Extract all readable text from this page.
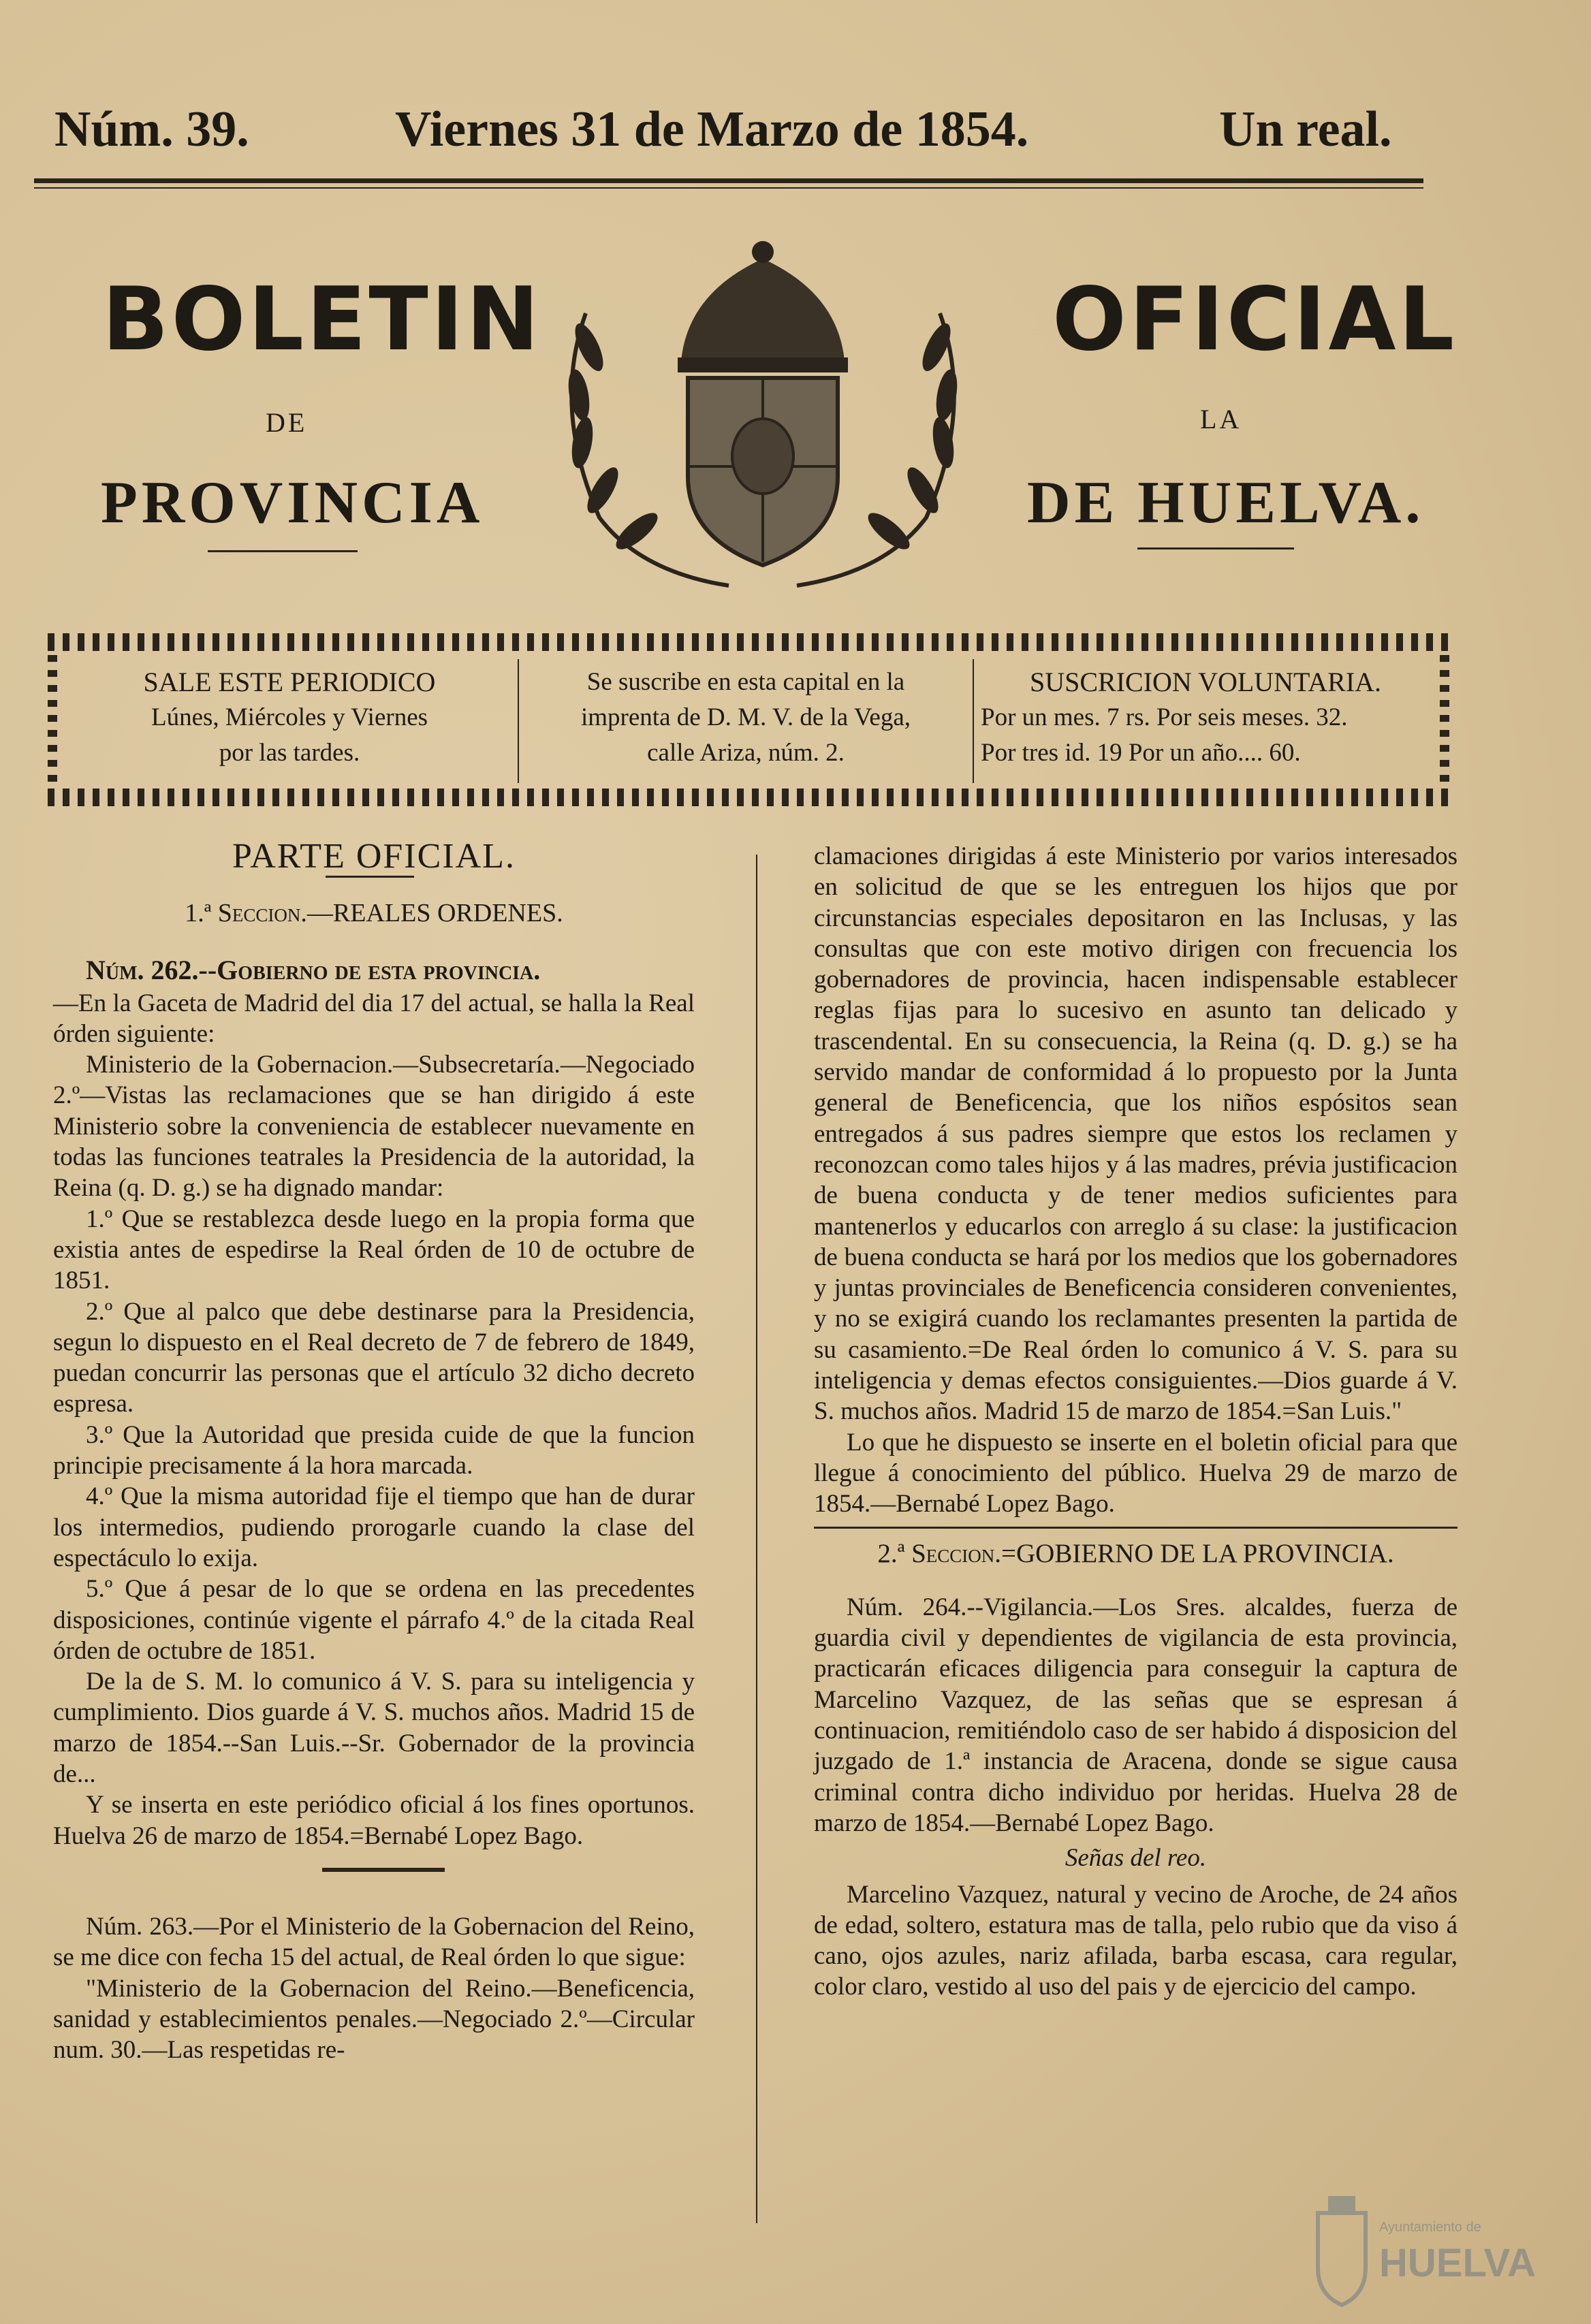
Núm. 39.	Viernes 31 de Marzo de 1854.	Un real.
BOLETIN	OFICIAL
DE	LA
PROVINCIA	DE HUELVA.
SALE ESTE PERIODICO
Lúnes, Miércoles y Viernes
por las tardes.
Se suscribe en esta capital en la
imprenta de D. M. V. de la Vega,
calle Ariza, núm. 2.
SUSCRICION VOLUNTARIA.
Por un mes. 7 rs. Por seis meses. 32.
Por tres id. 19 Por un año.... 60.

PARTE OFICIAL.

1.ª Seccion.—REALES ORDENES.

Núm. 262.--Gobierno de esta provincia.

—En la Gaceta de Madrid del dia 17 del actual, se halla la Real órden siguiente:

Ministerio de la Gobernacion.—Subsecretaría.—Negociado 2.º—Vistas las reclamaciones que se han dirigido á este Ministerio sobre la conveniencia de establecer nuevamente en todas las funciones teatrales la Presidencia de la autoridad, la Reina (q. D. g.) se ha dignado mandar:

1.º Que se restablezca desde luego en la propia forma que existia antes de espedirse la Real órden de 10 de octubre de 1851.

2.º Que al palco que debe destinarse para la Presidencia, segun lo dispuesto en el Real decreto de 7 de febrero de 1849, puedan concurrir las personas que el artículo 32 dicho decreto espresa.

3.º Que la Autoridad que presida cuide de que la funcion principie precisamente á la hora marcada.

4.º Que la misma autoridad fije el tiempo que han de durar los intermedios, pudiendo prorogarle cuando la clase del espectáculo lo exija.

5.º Que á pesar de lo que se ordena en las precedentes disposiciones, continúe vigente el párrafo 4.º de la citada Real órden de octubre de 1851.

De la de S. M. lo comunico á V. S. para su inteligencia y cumplimiento. Dios guarde á V. S. muchos años. Madrid 15 de marzo de 1854.--San Luis.--Sr. Gobernador de la provincia de...

Y se inserta en este periódico oficial á los fines oportunos. Huelva 26 de marzo de 1854.=Bernabé Lopez Bago.

Núm. 263.—Por el Ministerio de la Gobernacion del Reino, se me dice con fecha 15 del actual, de Real órden lo que sigue:

"Ministerio de la Gobernacion del Reino.—Beneficencia, sanidad y establecimientos penales.—Negociado 2.º—Circular num. 30.—Las respetidas re-

clamaciones dirigidas á este Ministerio por varios interesados en solicitud de que se les entreguen los hijos que por circunstancias especiales depositaron en las Inclusas, y las consultas que con este motivo dirigen con frecuencia los gobernadores de provincia, hacen indispensable establecer reglas fijas para lo sucesivo en asunto tan delicado y trascendental. En su consecuencia, la Reina (q. D. g.) se ha servido mandar de conformidad á lo propuesto por la Junta general de Beneficencia, que los niños espósitos sean entregados á sus padres siempre que estos los reclamen y reconozcan como tales hijos y á las madres, prévia justificacion de buena conducta y de tener medios suficientes para mantenerlos y educarlos con arreglo á su clase: la justificacion de buena conducta se hará por los medios que los gobernadores y juntas provinciales de Beneficencia consideren convenientes, y no se exigirá cuando los reclamantes presenten la partida de su casamiento.=De Real órden lo comunico á V. S. para su inteligencia y demas efectos consiguientes.—Dios guarde á V. S. muchos años. Madrid 15 de marzo de 1854.=San Luis."

Lo que he dispuesto se inserte en el boletin oficial para que llegue á conocimiento del público. Huelva 29 de marzo de 1854.—Bernabé Lopez Bago.

2.ª Seccion.=GOBIERNO DE LA PROVINCIA.

Núm. 264.--Vigilancia.—Los Sres. alcaldes, fuerza de guardia civil y dependientes de vigilancia de esta provincia, practicarán eficaces diligencia para conseguir la captura de Marcelino Vazquez, de las señas que se espresan á continuacion, remitiéndolo caso de ser habido á disposicion del juzgado de 1.ª instancia de Aracena, donde se sigue causa criminal contra dicho individuo por heridas. Huelva 28 de marzo de 1854.—Bernabé Lopez Bago.

Señas del reo.

Marcelino Vazquez, natural y vecino de Aroche, de 24 años de edad, soltero, estatura mas de talla, pelo rubio que da viso á cano, ojos azules, nariz afilada, barba escasa, cara regular, color claro, vestido al uso del pais y de ejercicio del campo.

Ayuntamiento de
HUELVA
